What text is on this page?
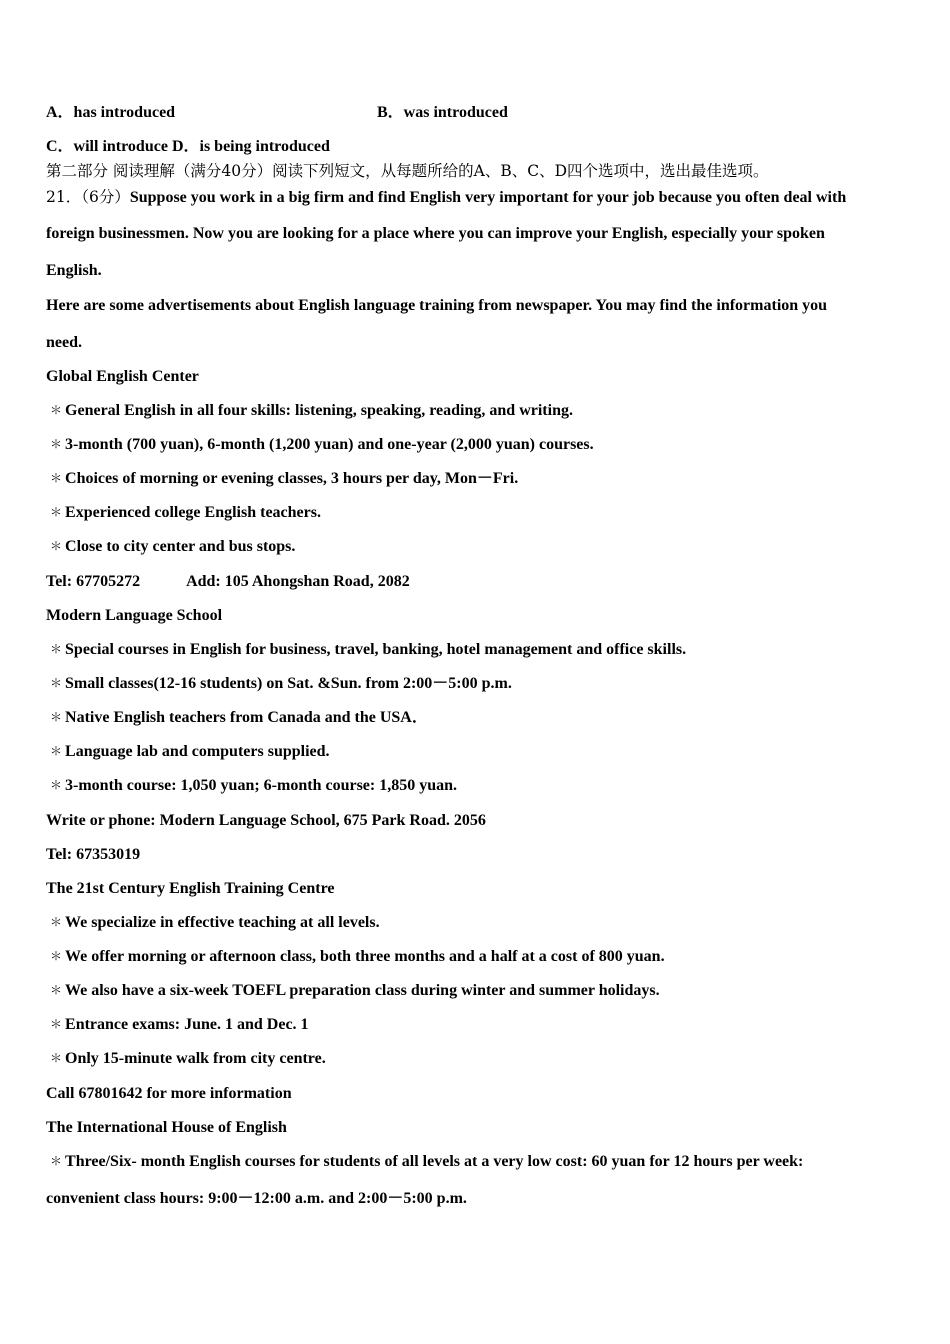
A．has introduced	B．was introduced
C．will introduce D．is being introduced
第二部分 阅读理解（满分40分）阅读下列短文，从每题所给的A、B、C、D四个选项中，选出最佳选项。
21．（6分）Suppose you work in a big firm and find English very important for your job because you often deal with
foreign businessmen. Now you are looking for a place where you can improve your English, especially your spoken
English.
Here are some advertisements about English language training from newspaper. You may find the information you
need.
Global English Center
＊ General English in all four skills: listening, speaking, reading, and writing.
＊ 3-month (700 yuan), 6-month (1,200 yuan) and one-year (2,000 yuan) courses.
＊ Choices of morning or evening classes, 3 hours per day, Mon－Fri.
＊ Experienced college English teachers.
＊ Close to city center and bus stops.
Tel: 67705272	Add: 105 Ahongshan Road, 2082
Modern Language School
＊ Special courses in English for business, travel, banking, hotel management and office skills.
＊ Small classes(12-16 students) on Sat. &Sun. from 2:00－5:00 p.m.
＊ Native English teachers from Canada and the USA．
＊ Language lab and computers supplied.
＊ 3-month course: 1,050 yuan; 6-month course: 1,850 yuan.
Write or phone: Modern Language School, 675 Park Road. 2056
Tel: 67353019
The 21st Century English Training Centre
＊ We specialize in effective teaching at all levels.
＊ We offer morning or afternoon class, both three months and a half at a cost of 800 yuan.
＊ We also have a six-week TOEFL preparation class during winter and summer holidays.
＊ Entrance exams: June. 1 and Dec. 1
＊ Only 15-minute walk from city centre.
Call 67801642 for more information
The International House of English
＊ Three/Six- month English courses for students of all levels at a very low cost: 60 yuan for 12 hours per week:
convenient class hours: 9:00－12:00 a.m. and 2:00－5:00 p.m.
